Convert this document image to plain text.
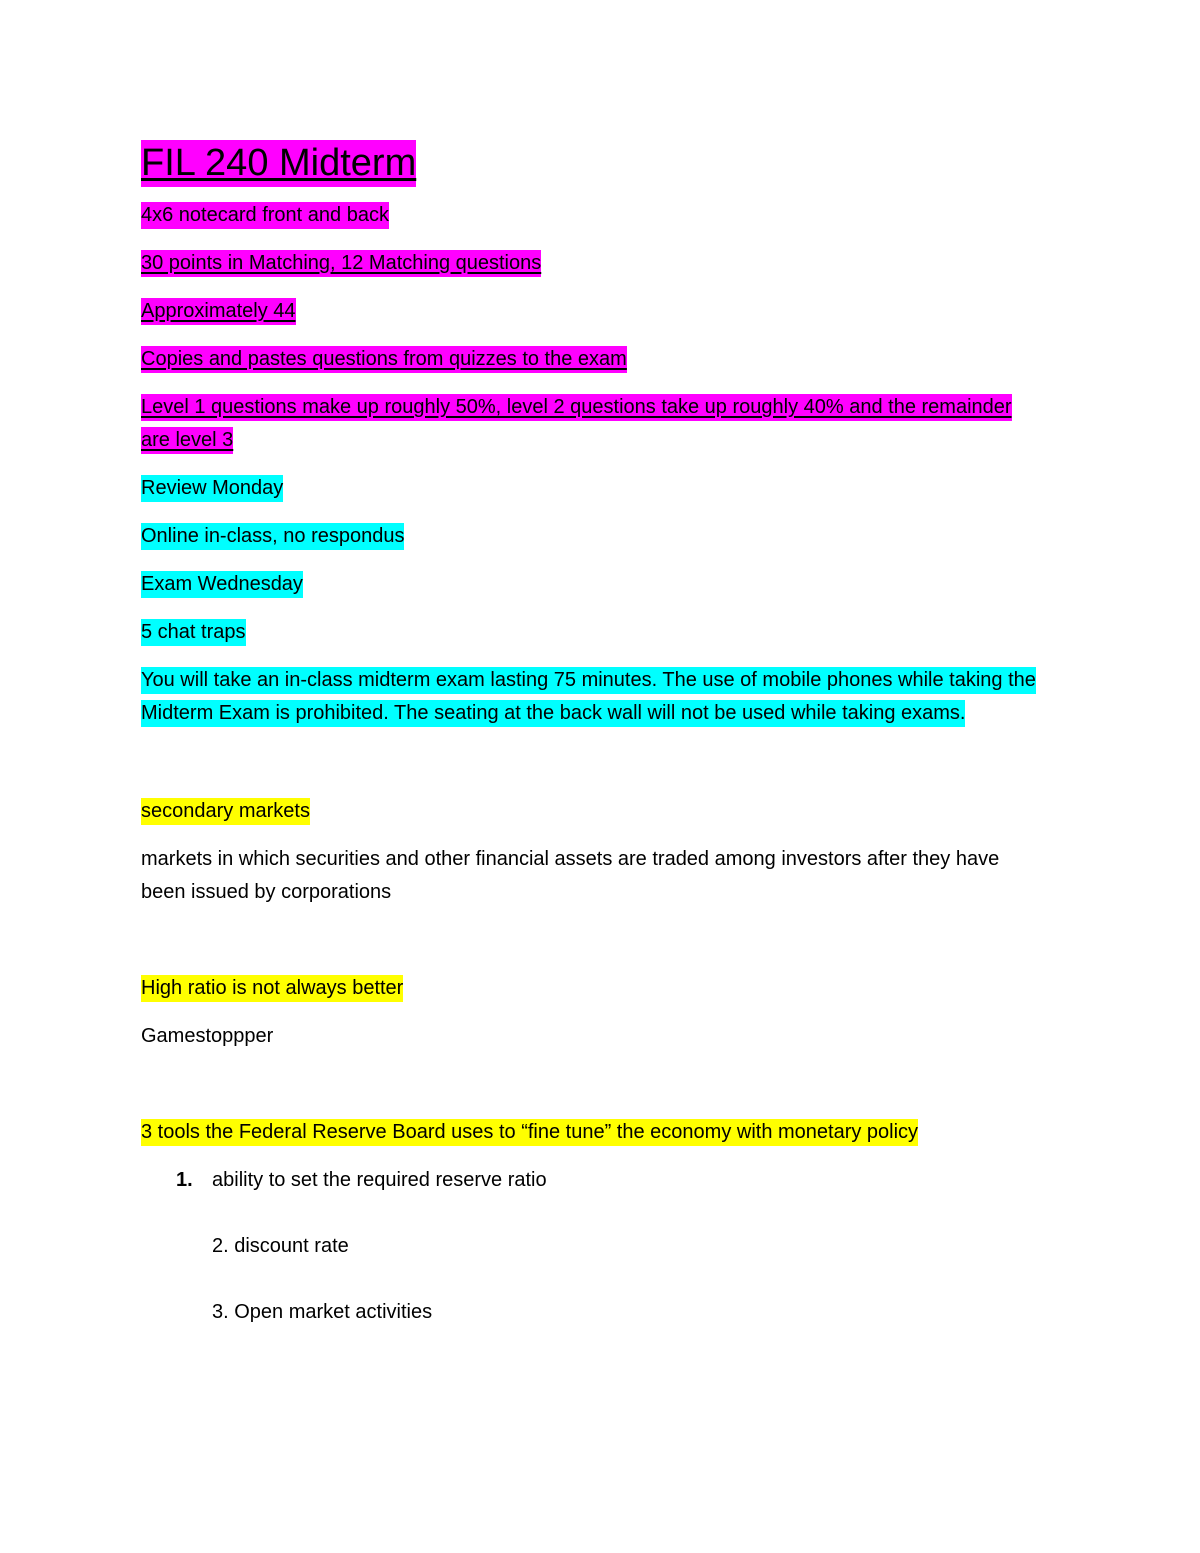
FIL 240 Midterm
4x6 notecard front and back
30 points in Matching, 12 Matching questions
Approximately 44
Copies and pastes questions from quizzes to the exam
Level 1 questions make up roughly 50%, level 2 questions take up roughly 40% and the remainder are level 3
Review Monday
Online in-class, no respondus
Exam Wednesday
5 chat traps
You will take an in-class midterm exam lasting 75 minutes. The use of mobile phones while taking the Midterm Exam is prohibited. The seating at the back wall will not be used while taking exams.
secondary markets
markets in which securities and other financial assets are traded among investors after they have been issued by corporations
High ratio is not always better
Gamestoppper
3 tools the Federal Reserve Board uses to “fine tune” the economy with monetary policy
1. ability to set the required reserve ratio
2. discount rate
3. Open market activities
